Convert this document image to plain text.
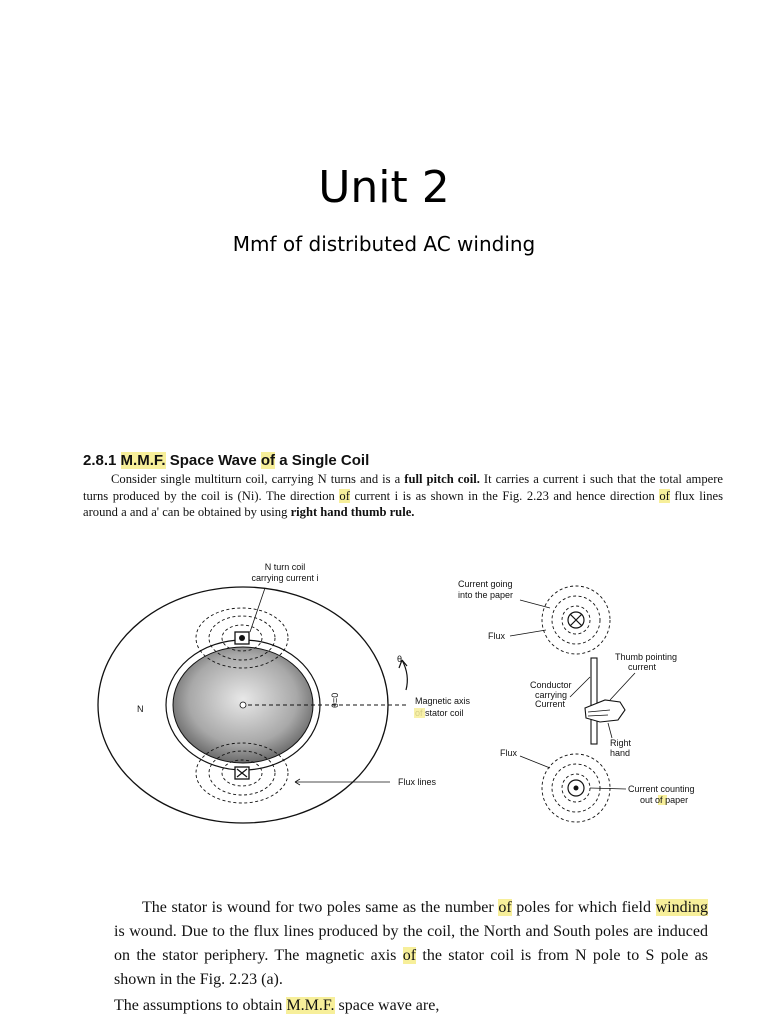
Unit 2
Mmf of distributed AC winding
2.8.1 M.M.F. Space Wave of a Single Coil
Consider single multiturn coil, carrying N turns and is a full pitch coil. It carries a current i such that the total ampere turns produced by the coil is (Ni). The direction of current i is as shown in the Fig. 2.23 and hence direction of flux lines around a and a' can be obtained by using right hand thumb rule.
N turn coil
carrying current i
N
θ
θ=0	Magnetic axis
stator coil
Flux lines
Current going
into the paper
Flux
Thumb pointing
current
Conductor
carrying
Current
Right
hand
Flux
Current counting
out of paper
The stator is wound for two poles same as the number of poles for which field winding is wound. Due to the flux lines produced by the coil, the North and South poles are induced on the stator periphery. The magnetic axis of the stator coil is from N pole to S pole as shown in the Fig. 2.23 (a).
The assumptions to obtain M.M.F. space wave are,
